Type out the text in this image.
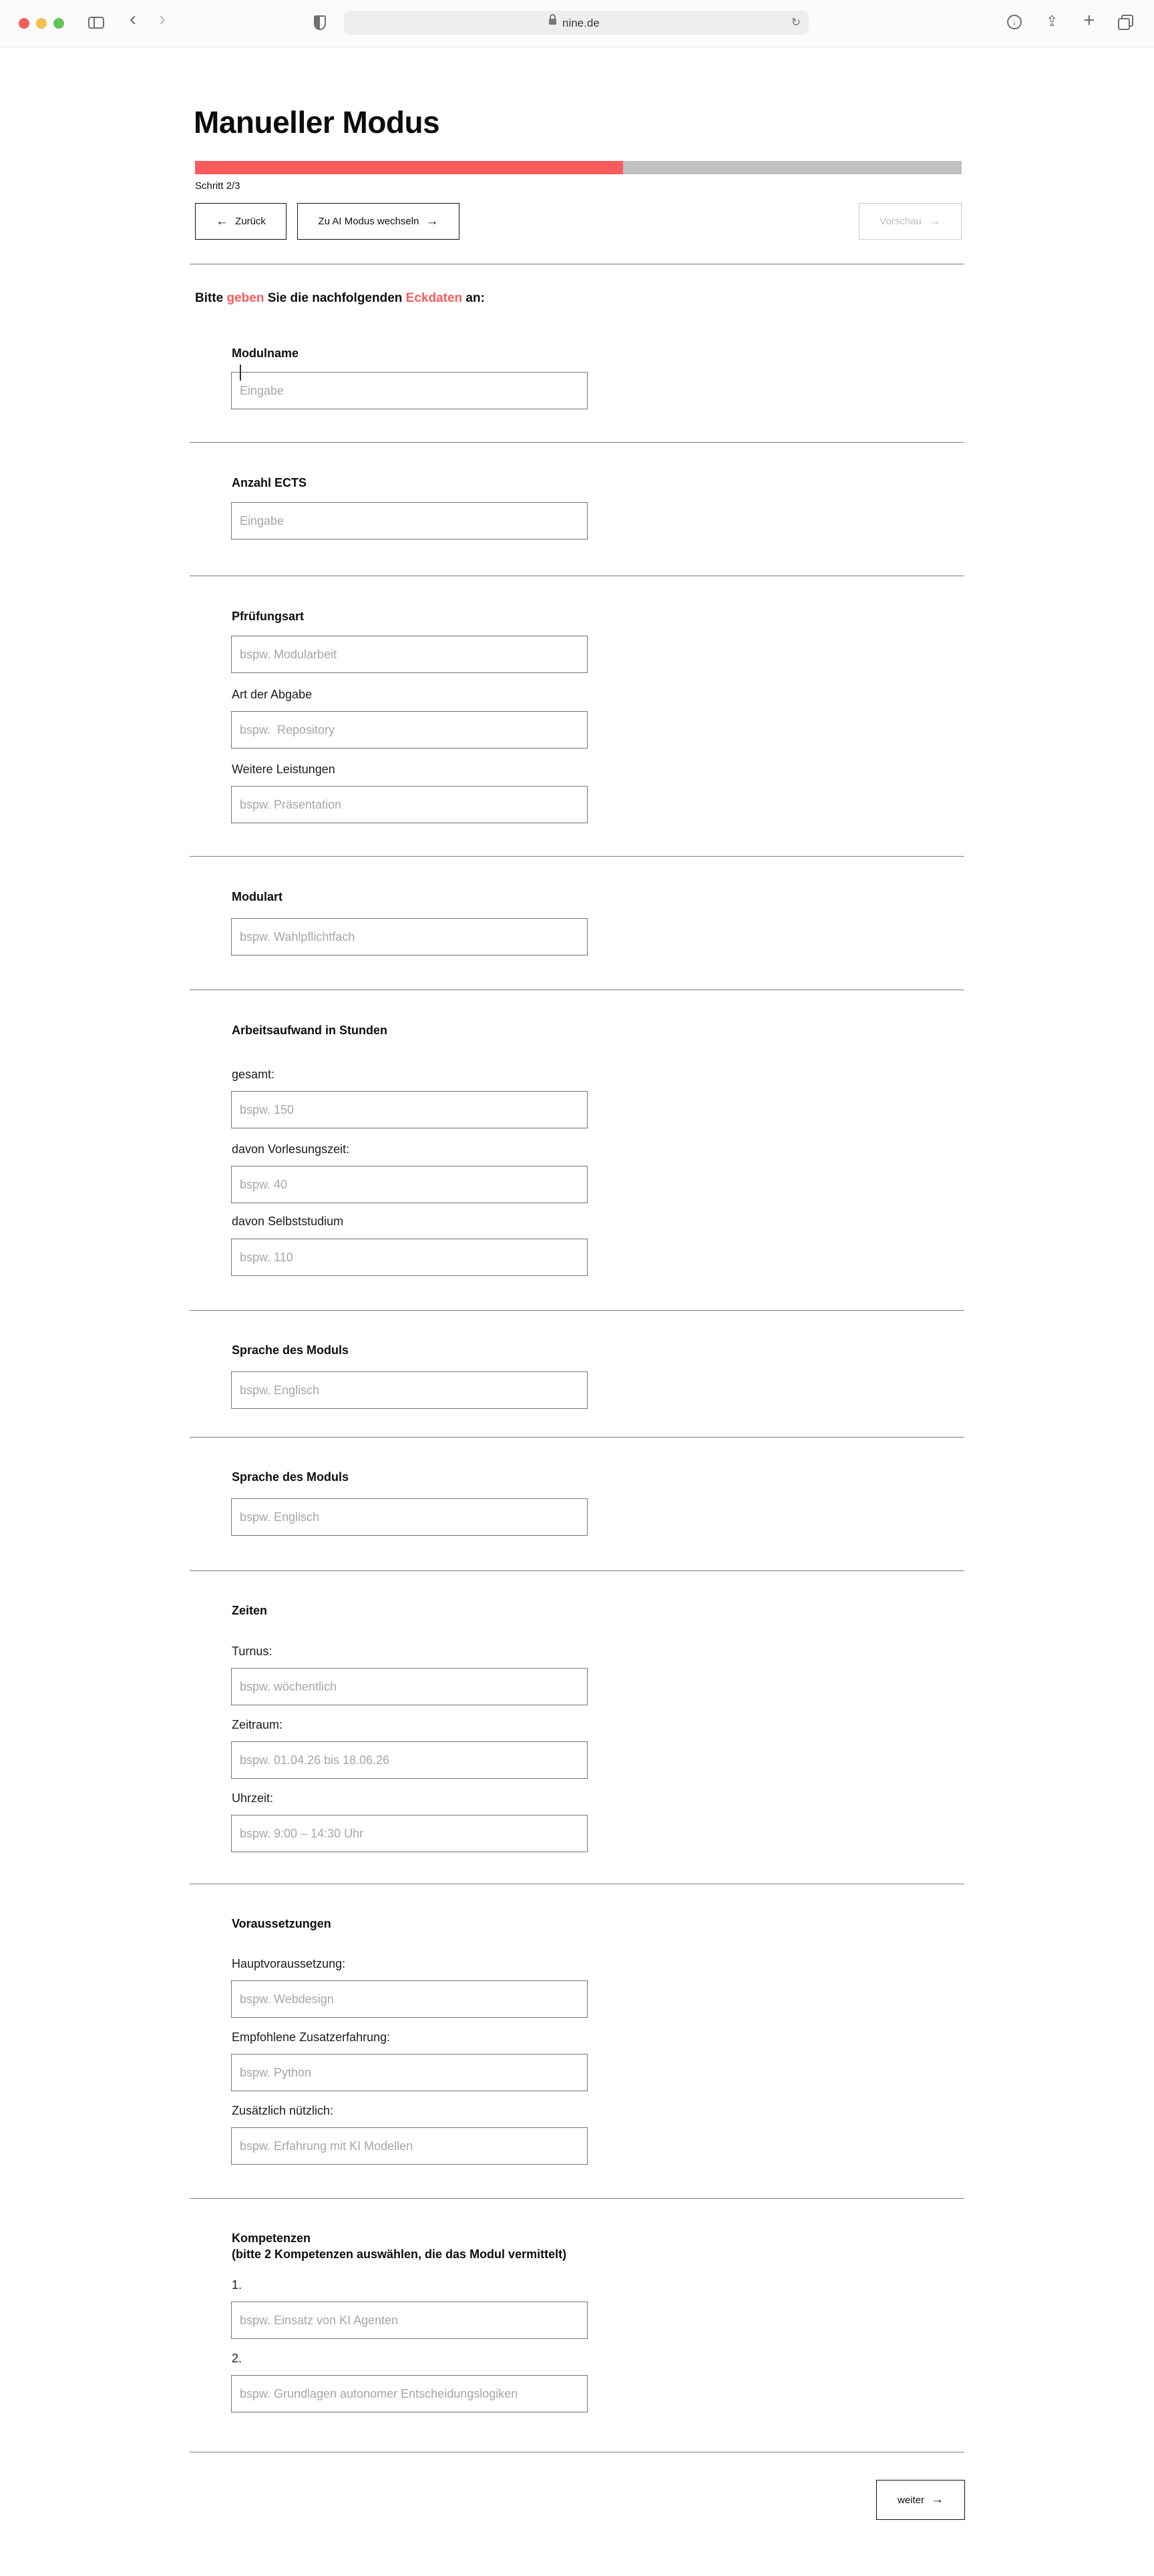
‹ ›	nine.de	↻	↓	⇪ +
Manueller Modus
Schritt 2/3
← Zurück	Zu AI Modus wechseln →	Vorschau →
Bitte geben Sie die nachfolgenden Eckdaten an:
Modulname
Eingabe
Anzahl ECTS
Eingabe
Pfrüfungsart
bspw. Modularbeit
Art der Abgabe
bspw. Repository
Weitere Leistungen
bspw. Präsentation
Modulart
bspw. Wahlpflichtfach
Arbeitsaufwand in Stunden
gesamt:
bspw. 150
davon Vorlesungszeit:
bspw. 40
davon Selbststudium
bspw. 110
Sprache des Moduls
bspw. Englisch
Sprache des Moduls
bspw. Englisch
Zeiten
Turnus:
bspw. wöchentlich
Zeitraum:
bspw. 01.04.26 bis 18.06.26
Uhrzeit:
bspw. 9:00 – 14:30 Uhr
Voraussetzungen
Hauptvoraussetzung:
bspw. Webdesign
Empfohlene Zusatzerfahrung:
bspw. Python
Zusätzlich nützlich:
bspw. Erfahrung mit KI Modellen
Kompetenzen
(bitte 2 Kompetenzen auswählen, die das Modul vermittelt)
1.
bspw. Einsatz von KI Agenten
2.
bspw. Grundlagen autonomer Entscheidungslogiken
weiter →
